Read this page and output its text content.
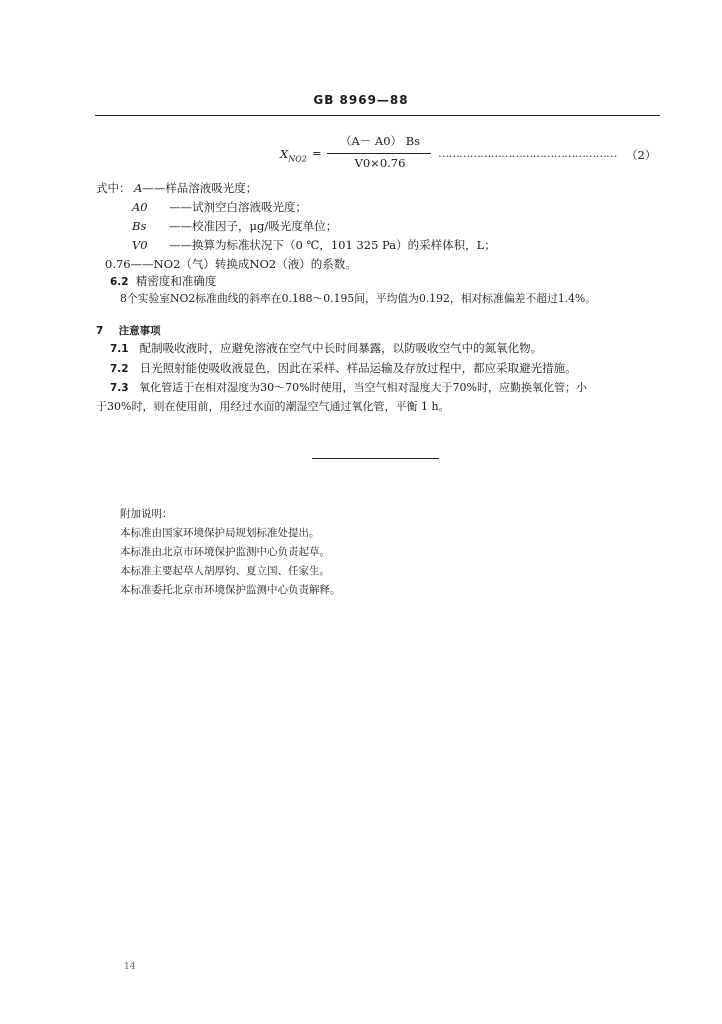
GB 8969—88
$X_{NO2}$ =
（A－ A0） Bs
V0×0.76
…………………………………………… （2）
式中： A——样品溶液吸光度；
A0 ——试剂空白溶液吸光度；
Bs ——校准因子，μg/吸光度单位；
V0 ——换算为标准状况下（0 ℃，101 325 Pa）的采样体积，L；
0.76——NO2（气）转换成NO2（液）的系数。
6.2 精密度和准确度
8个实验室NO2标准曲线的斜率在0.188～0.195间，平均值为0.192，相对标准偏差不超过1.4%。
7 注意事项
7.1 配制吸收液时，应避免溶液在空气中长时间暴露，以防吸收空气中的氮氧化物。
7.2 日光照射能使吸收液显色，因此在采样、样品运输及存放过程中，都应采取避光措施。
7.3 氧化管适于在相对湿度为30～70%时使用，当空气相对湿度大于70%时，应勤换氧化管；小
于30%时，则在使用前，用经过水面的潮湿空气通过氧化管，平衡 1 h。
附加说明：
本标准由国家环境保护局规划标准处提出。
本标准由北京市环境保护监测中心负责起草。
本标准主要起草人胡厚钧、夏立国、任家生。
本标准委托北京市环境保护监测中心负责解释。
14
